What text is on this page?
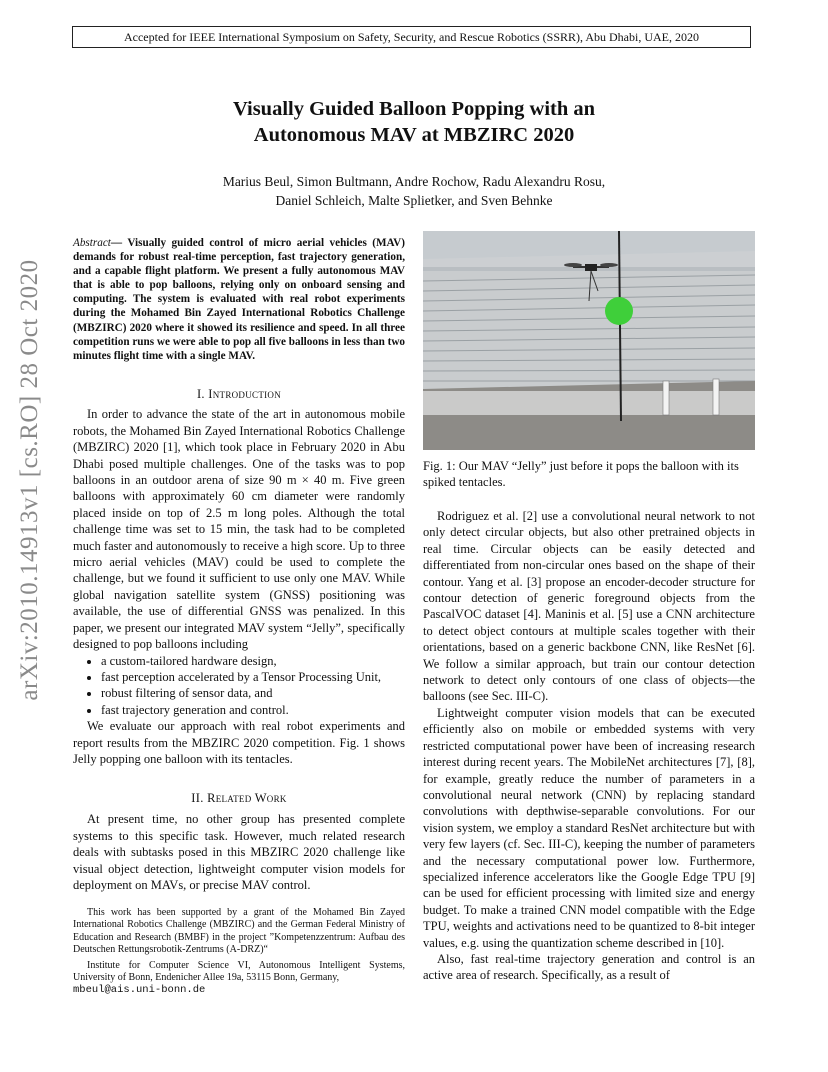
Accepted for IEEE International Symposium on Safety, Security, and Rescue Robotics (SSRR), Abu Dhabi, UAE, 2020
Visually Guided Balloon Popping with an
Autonomous MAV at MBZIRC 2020
Marius Beul, Simon Bultmann, Andre Rochow, Radu Alexandru Rosu,
Daniel Schleich, Malte Splietker, and Sven Behnke
arXiv:2010.14913v1 [cs.RO] 28 Oct 2020

Abstract— Visually guided control of micro aerial vehicles (MAV) demands for robust real-time perception, fast trajectory generation, and a capable flight platform. We present a fully autonomous MAV that is able to pop balloons, relying only on onboard sensing and computing. The system is evaluated with real robot experiments during the Mohamed Bin Zayed International Robotics Challenge (MBZIRC) 2020 where it showed its resilience and speed. In all three competition runs we were able to pop all five balloons in less than two minutes flight time with a single MAV.

I. Introduction

In order to advance the state of the art in autonomous mobile robots, the Mohamed Bin Zayed International Robotics Challenge (MBZIRC) 2020 [1], which took place in February 2020 in Abu Dhabi posed multiple challenges. One of the tasks was to pop balloons in an outdoor arena of size 90 m × 40 m. Five green balloons with approximately 60 cm diameter were randomly placed inside on top of 2.5 m long poles. Although the total challenge time was set to 15 min, the task had to be completed much faster and autonomously to receive a high score. Up to three micro aerial vehicles (MAV) could be used to complete the challenge, but we found it sufficient to use only one MAV. While global navigation satellite system (GNSS) positioning was available, the use of differential GNSS was penalized. In this paper, we present our integrated MAV system “Jelly”, specifically designed to pop balloons including

• a custom-tailored hardware design,
• fast perception accelerated by a Tensor Processing Unit,
• robust filtering of sensor data, and
• fast trajectory generation and control.

We evaluate our approach with real robot experiments and report results from the MBZIRC 2020 competition. Fig. 1 shows Jelly popping one balloon with its tentacles.

II. Related Work

At present time, no other group has presented complete systems to this specific task. However, much related research deals with subtasks posed in this MBZIRC 2020 challenge like visual object detection, lightweight computer vision models for deployment on MAVs, or precise MAV control.

This work has been supported by a grant of the Mohamed Bin Zayed International Robotics Challenge (MBZIRC) and the German Federal Ministry of Education and Research (BMBF) in the project ”Kompetenzzentrum: Aufbau des Deutschen Rettungsrobotik-Zentrums (A-DRZ)“

Institute for Computer Science VI, Autonomous Intelligent Systems, University of Bonn, Endenicher Allee 19a, 53115 Bonn, Germany,

mbeul@ais.uni-bonn.de

Fig. 1: Our MAV “Jelly” just before it pops the balloon with its spiked tentacles.

Rodriguez et al. [2] use a convolutional neural network to not only detect circular objects, but also other pretrained objects in real time. Circular objects can be easily detected and differentiated from non-circular ones based on the shape of their contour. Yang et al. [3] propose an encoder-decoder structure for contour detection of generic foreground objects from the PascalVOC dataset [4]. Maninis et al. [5] use a CNN architecture to detect object contours at multiple scales together with their orientations, based on a generic backbone CNN, like ResNet [6]. We follow a similar approach, but train our contour detection network to detect only contours of one class of objects—the balloons (see Sec. III-C).

Lightweight computer vision models that can be executed efficiently also on mobile or embedded systems with very restricted computational power have been of increasing research interest during recent years. The MobileNet architectures [7], [8], for example, greatly reduce the number of parameters in a convolutional neural network (CNN) by replacing standard convolutions with depthwise-separable convolutions. For our vision system, we employ a standard ResNet architecture but with very few layers (cf. Sec. III-C), keeping the number of parameters and the necessary computational power low. Furthermore, specialized inference accelerators like the Google Edge TPU [9] can be used for efficient processing with limited size and energy budget. To make a trained CNN model compatible with the Edge TPU, weights and activations need to be quantized to 8-bit integer values, e.g. using the quantization scheme described in [10].

Also, fast real-time trajectory generation and control is an active area of research. Specifically, as a result of
